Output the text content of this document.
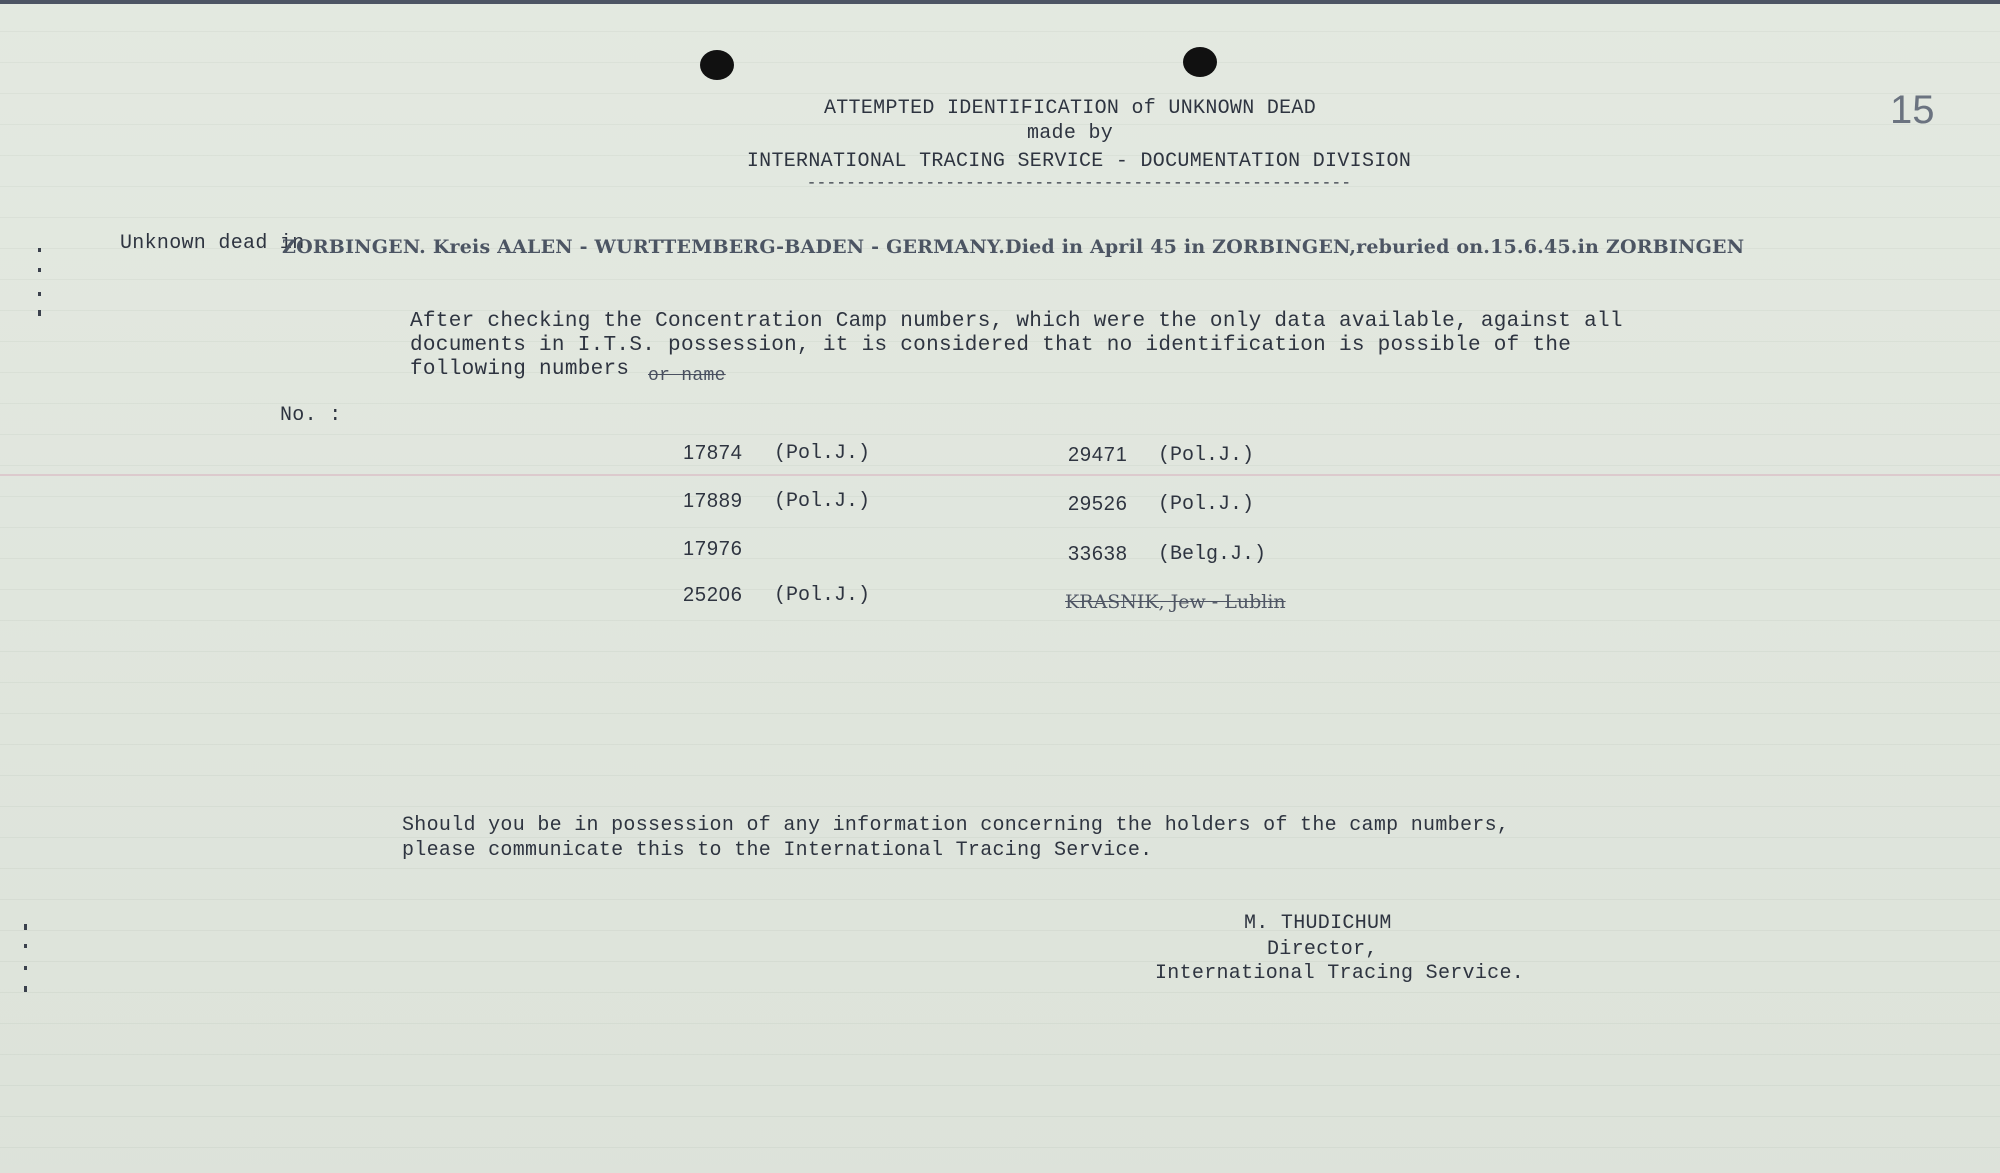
ATTEMPTED IDENTIFICATION of UNKNOWN DEAD
made by
INTERNATIONAL TRACING SERVICE - DOCUMENTATION DIVISION
-------------------------------------------------------
15
Unknown dead in.
ZORBINGEN. Kreis AALEN - WURTTEMBERG-BADEN - GERMANY.Died in April 45 in ZORBINGEN,reburied on.15.6.45.in ZORBINGEN
After checking the Concentration Camp numbers, which were the only data available, against all
documents in I.T.S. possession, it is considered that no identification is possible of the
following numbers or name
No. :
17874 (Pol.J.)
17889 (Pol.J.)
17976
25206 (Pol.J.)
29471 (Pol.J.)
29526 (Pol.J.)
33638 (Belg.J.)
KRASNIK, Jew - Lublin
Should you be in possession of any information concerning the holders of the camp numbers,
please communicate this to the International Tracing Service.
M. THUDICHUM
Director,
International Tracing Service.
